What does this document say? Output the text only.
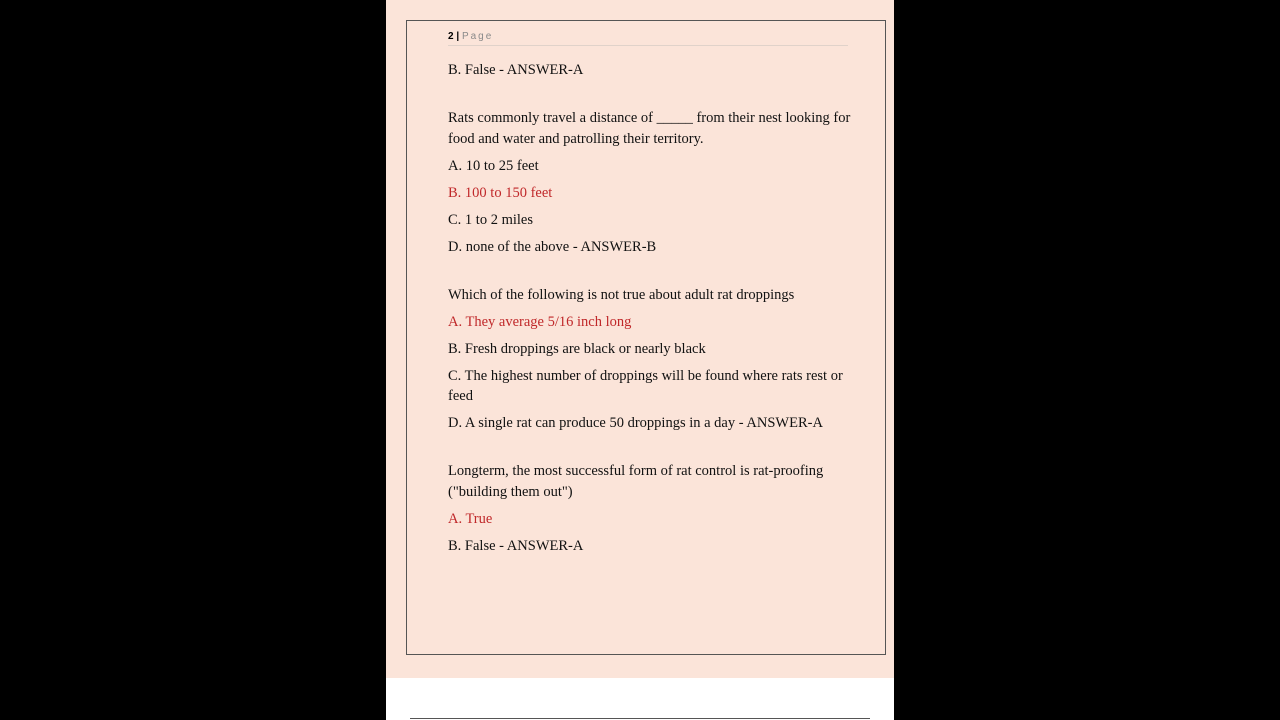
2 | Page
B. False - ANSWER-A
Rats commonly travel a distance of _____ from their nest looking for food and water and patrolling their territory.
A. 10 to 25 feet
B. 100 to 150 feet
C. 1 to 2 miles
D. none of the above - ANSWER-B
Which of the following is not true about adult rat droppings
A. They average 5/16 inch long
B. Fresh droppings are black or nearly black
C. The highest number of droppings will be found where rats rest or feed
D. A single rat can produce 50 droppings in a day - ANSWER-A
Longterm, the most successful form of rat control is rat-proofing ("building them out")
A. True
B. False - ANSWER-A
